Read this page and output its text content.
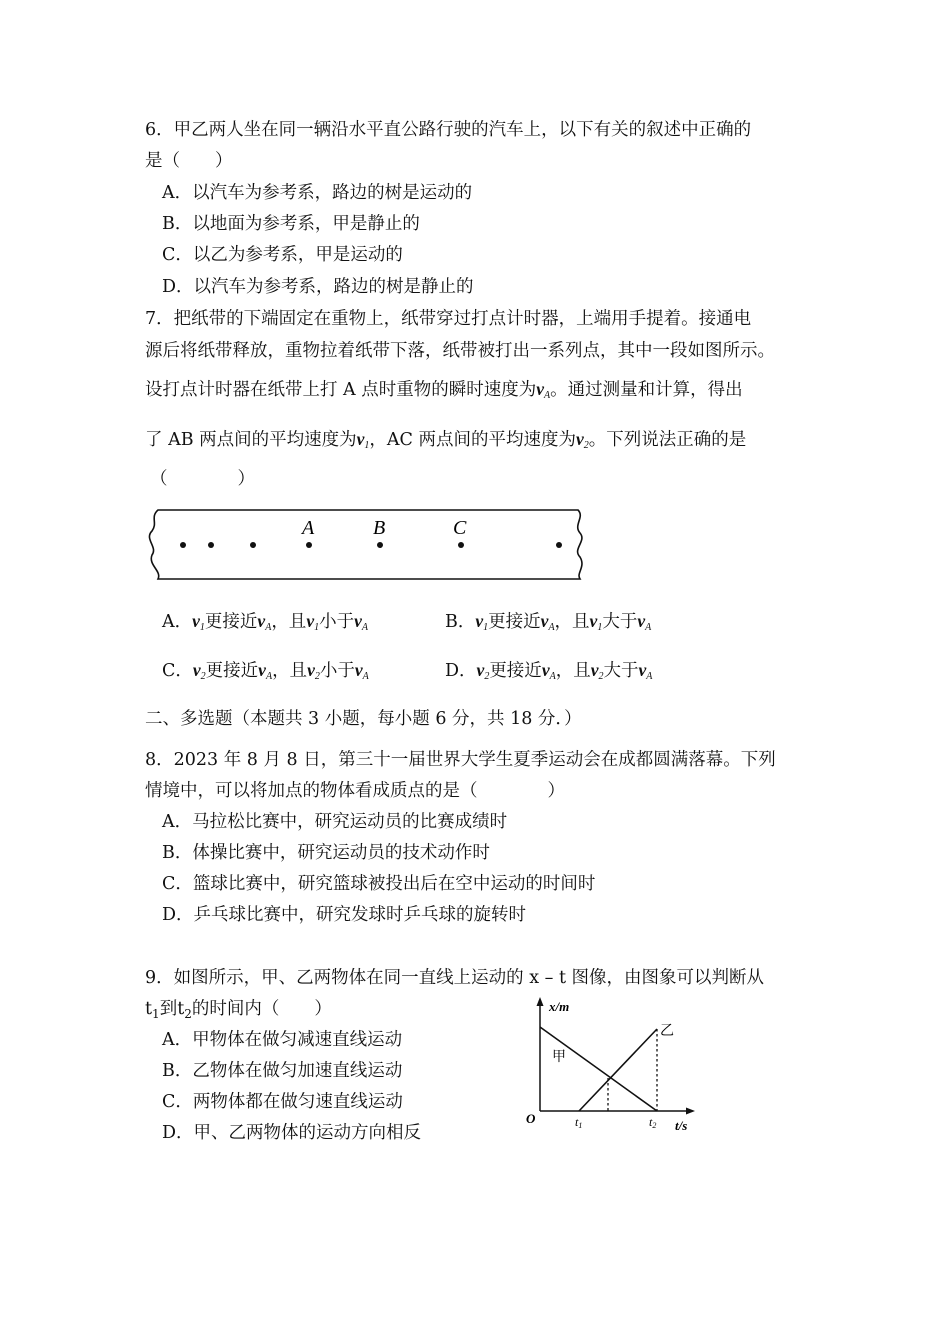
6．甲乙两人坐在同一辆沿水平直公路行驶的汽车上，以下有关的叙述中正确的
是（　　）
A．以汽车为参考系，路边的树是运动的
B．以地面为参考系，甲是静止的
C．以乙为参考系，甲是运动的
D．以汽车为参考系，路边的树是静止的
7．把纸带的下端固定在重物上，纸带穿过打点计时器，上端用手提着。接通电
源后将纸带释放，重物拉着纸带下落，纸带被打出一系列点，其中一段如图所示。
设打点计时器在纸带上打 A 点时重物的瞬时速度为$v_A$。通过测量和计算，得出
了 AB 两点间的平均速度为$v_1$，AC 两点间的平均速度为$v_2$。下列说法正确的是
（　　　　）
A	B	C
A．$v_1$更接近$v_A$，且$v_1$小于$v_A$	B．$v_1$更接近$v_A$，且$v_1$大于$v_A$
C．$v_2$更接近$v_A$，且$v_2$小于$v_A$	D．$v_2$更接近$v_A$，且$v_2$大于$v_A$
二、多选题（本题共 3 小题，每小题 6 分，共 18 分．）
8．2023 年 8 月 8 日，第三十一届世界大学生夏季运动会在成都圆满落幕。下列
情境中，可以将加点的物体看成质点的是（　　　　）
A．马拉松比赛中，研究运动员的比赛成绩时
B．体操比赛中，研究运动员的技术动作时
C．篮球比赛中，研究篮球被投出后在空中运动的时间时
D．乒乓球比赛中，研究发球时乒乓球的旋转时
9．如图所示，甲、乙两物体在同一直线上运动的 x – t 图像，由图象可以判断从
$t_1$到$t_2$的时间内（　　）
A．甲物体在做匀减速直线运动
B．乙物体在做匀加速直线运动
C．两物体都在做匀速直线运动
D．甲、乙两物体的运动方向相反
x/m
t/s
O
甲
乙
t1	t2
